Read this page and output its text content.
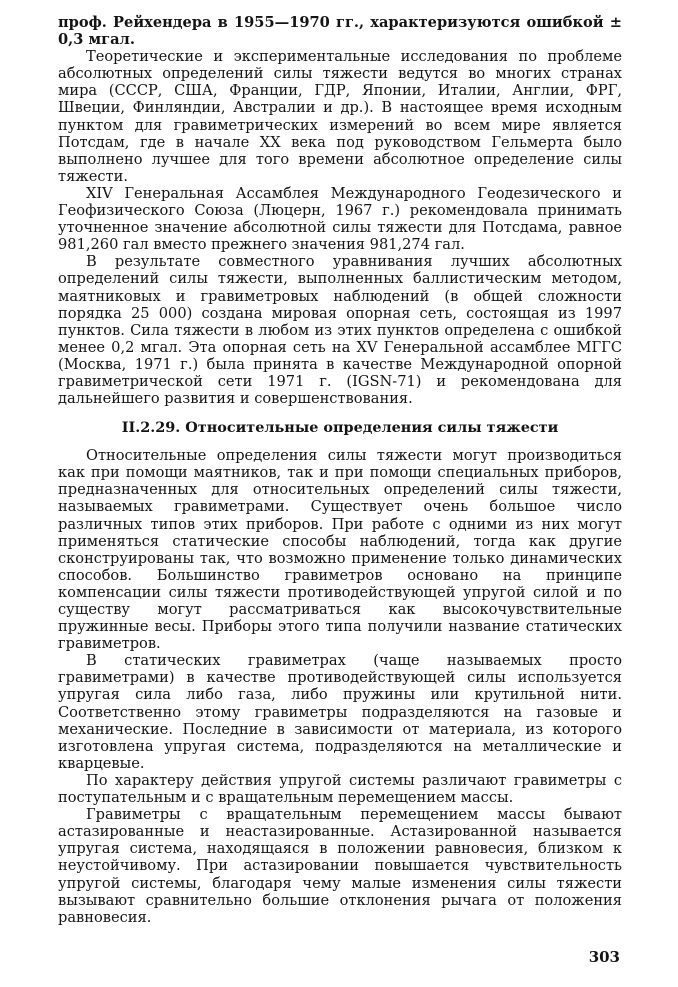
проф. Рейхендера в 1955—1970 гг., характеризуются ошибкой ± 0,3 мгал.

Теоретические и экспериментальные исследования по проблеме абсолютных определений силы тяжести ведутся во многих странах мира (СССР, США, Франции, ГДР, Японии, Италии, Англии, ФРГ, Швеции, Финляндии, Австралии и др.). В настоящее время исходным пунктом для гравиметрических измерений во всем мире является Потсдам, где в начале XX века под руководством Гельмерта было выполнено лучшее для того времени абсолютное определение силы тяжести.

XIV Генеральная Ассамблея Международного Геодезического и Геофизического Союза (Люцерн, 1967 г.) рекомендовала принимать уточненное значение абсолютной силы тяжести для Потсдама, равное 981,260 гал вместо прежнего значения 981,274 гал.

В результате совместного уравнивания лучших абсолютных определений силы тяжести, выполненных баллистическим методом, маятниковых и гравиметровых наблюдений (в общей сложности порядка 25 000) создана мировая опорная сеть, состоящая из 1997 пунктов. Сила тяжести в любом из этих пунктов определена с ошибкой менее 0,2 мгал. Эта опорная сеть на XV Генеральной ассамблее МГГС (Москва, 1971 г.) была принята в качестве Международной опорной гравиметрической сети 1971 г. (IGSN-71) и рекомендована для дальнейшего развития и совершенствования.

II.2.29. Относительные определения силы тяжести

Относительные определения силы тяжести могут производиться как при помощи маятников, так и при помощи специальных приборов, предназначенных для относительных определений силы тяжести, называемых гравиметрами. Существует очень большое число различных типов этих приборов. При работе с одними из них могут применяться статические способы наблюдений, тогда как другие сконструированы так, что возможно применение только динамических способов. Большинство гравиметров основано на принципе компенсации силы тяжести противодействующей упругой силой и по существу могут рассматриваться как высокочувствительные пружинные весы. Приборы этого типа получили название статических гравиметров.

В статических гравиметрах (чаще называемых просто гравиметрами) в качестве противодействующей силы используется упругая сила либо газа, либо пружины или крутильной нити. Соответственно этому гравиметры подразделяются на газовые и механические. Последние в зависимости от материала, из которого изготовлена упругая система, подразделяются на металлические и кварцевые.

По характеру действия упругой системы различают гравиметры с поступательным и с вращательным перемещением массы.

Гравиметры с вращательным перемещением массы бывают астазированные и неастазированные. Астазированной называется упругая система, находящаяся в положении равновесия, близком к неустойчивому. При астазировании повышается чувствительность упругой системы, благодаря чему малые изменения силы тяжести вызывают сравнительно большие отклонения рычага от положения равновесия.

303
